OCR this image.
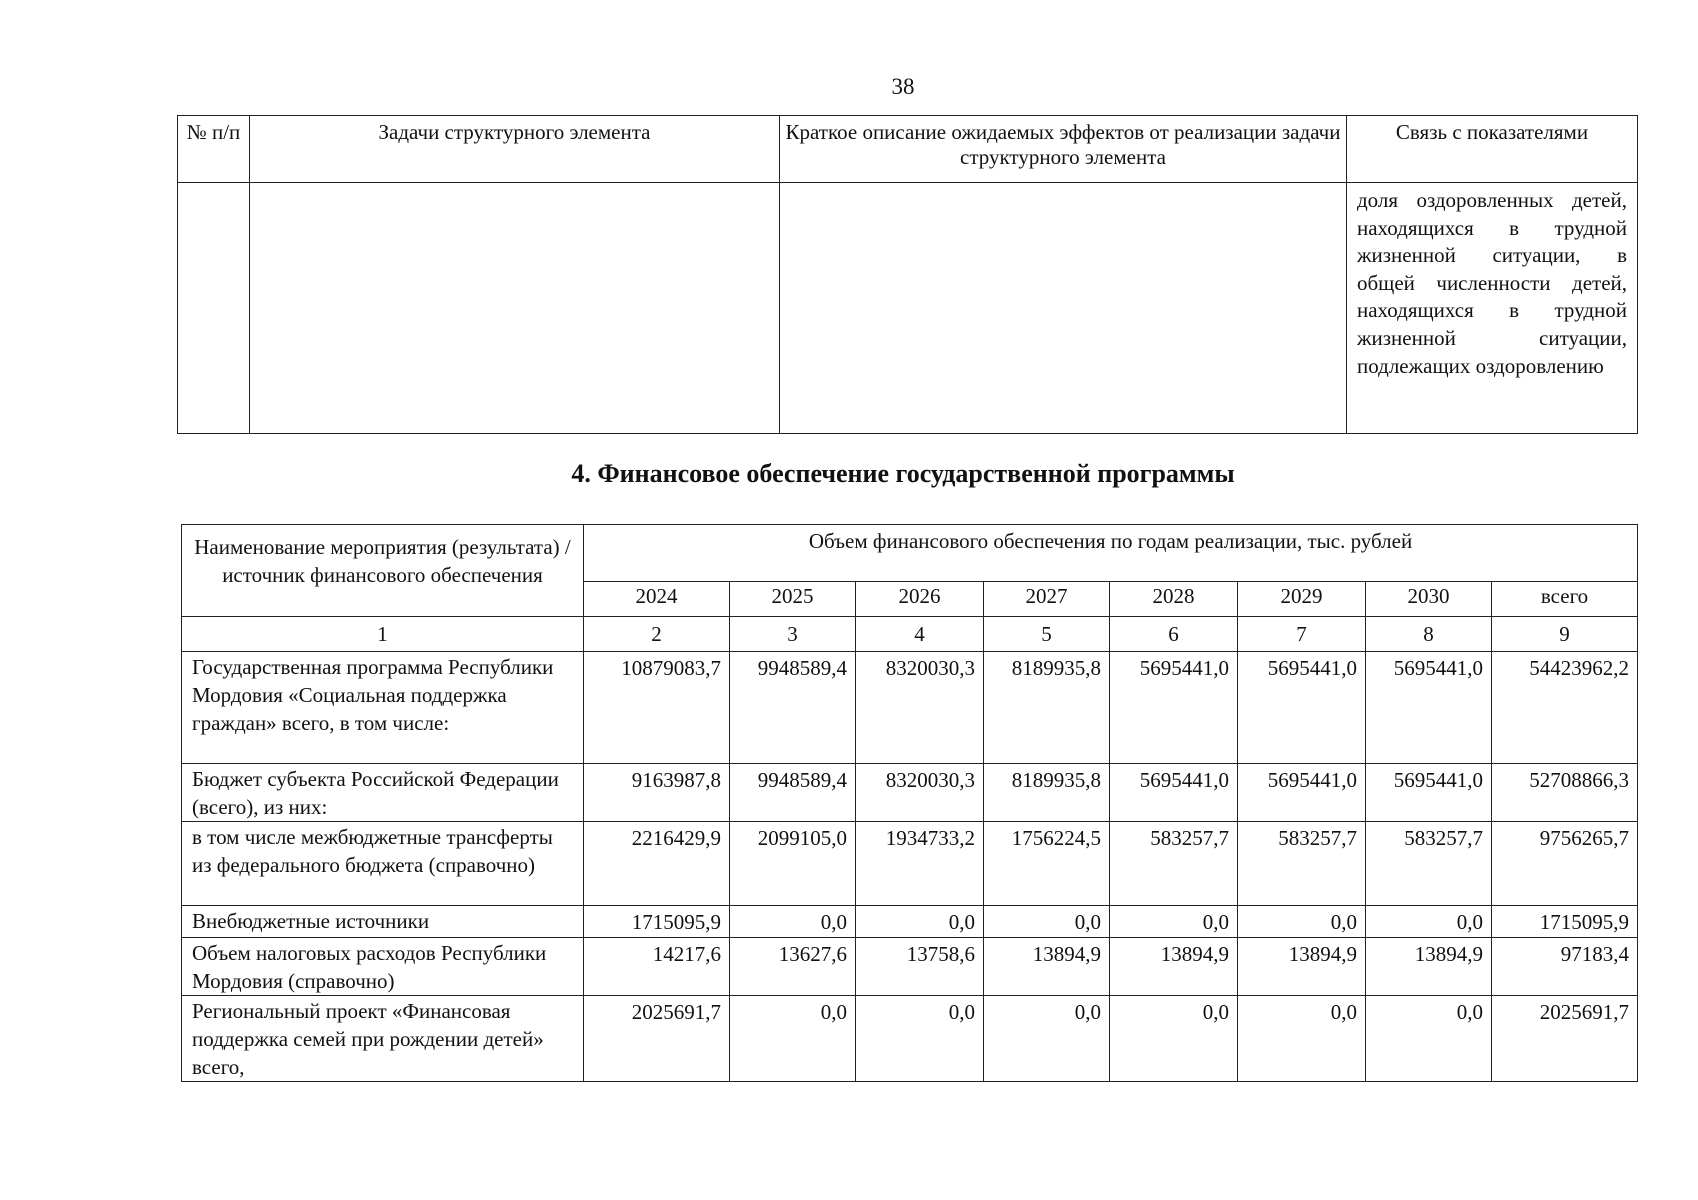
38
№ п/п	Задачи структурного элемента	Краткое описание ожидаемых эффектов от реализации задачи структурного элемента	Связь с показателями

			доля оздоровленных детей, находящихся в трудной жизненной ситуации, в общей численности детей, находящихся в трудной жизненной ситуации, подлежащих оздоровлению
4. Финансовое обеспечение государственной программы
Наименование мероприятия (результата) / источник финансового обеспечения	Объем финансового обеспечения по годам реализации, тыс. рублей							
	2024	2025	2026	2027	2028	2029	2030	всего
1	2	3	4	5	6	7	8	9
Государственная программа Республики Мордовия «Социальная поддержка граждан» всего, в том числе:	10879083,7	9948589,4	8320030,3	8189935,8	5695441,0	5695441,0	5695441,0	54423962,2
Бюджет субъекта Российской Федерации (всего), из них:	9163987,8	9948589,4	8320030,3	8189935,8	5695441,0	5695441,0	5695441,0	52708866,3
в том числе межбюджетные трансферты из федерального бюджета (справочно)	2216429,9	2099105,0	1934733,2	1756224,5	583257,7	583257,7	583257,7	9756265,7
Внебюджетные источники	1715095,9	0,0	0,0	0,0	0,0	0,0	0,0	1715095,9
Объем налоговых расходов Республики Мордовия (справочно)	14217,6	13627,6	13758,6	13894,9	13894,9	13894,9	13894,9	97183,4
Региональный проект «Финансовая поддержка семей при рождении детей» всего,	2025691,7	0,0	0,0	0,0	0,0	0,0	0,0	2025691,7
